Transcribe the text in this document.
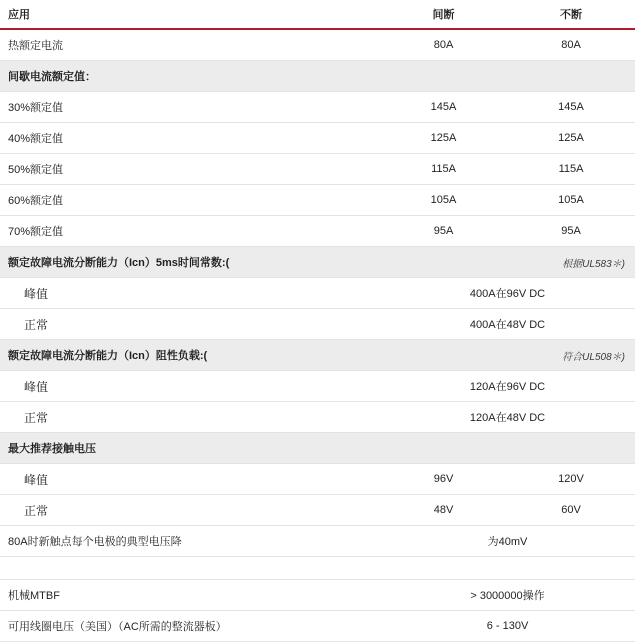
应用	间断	不断
热额定电流	80A	80A
间歇电流额定值：		
30%额定值	145A	145A
40%额定值	125A	125A
50%额定值	115A	115A
60%额定值	105A	105A
70%额定值	95A	95A
额定故障电流分断能力（Icn）5ms时间常数:(	根据UL583＊)	
峰值	400A在96V DC	
正常	400A在48V DC	
额定故障电流分断能力（Icn）阻性负载:(	符合UL508＊)	
峰值	120A在96V DC	
正常	120A在48V DC	
最大推荐接触电压		
峰值	96V	120V
正常	48V	60V
80A时新触点每个电极的典型电压降	为40mV	

机械MTBF	> 3000000操作	
可用线圈电压（美国）（AC所需的整流器板）	6 - 130V	
